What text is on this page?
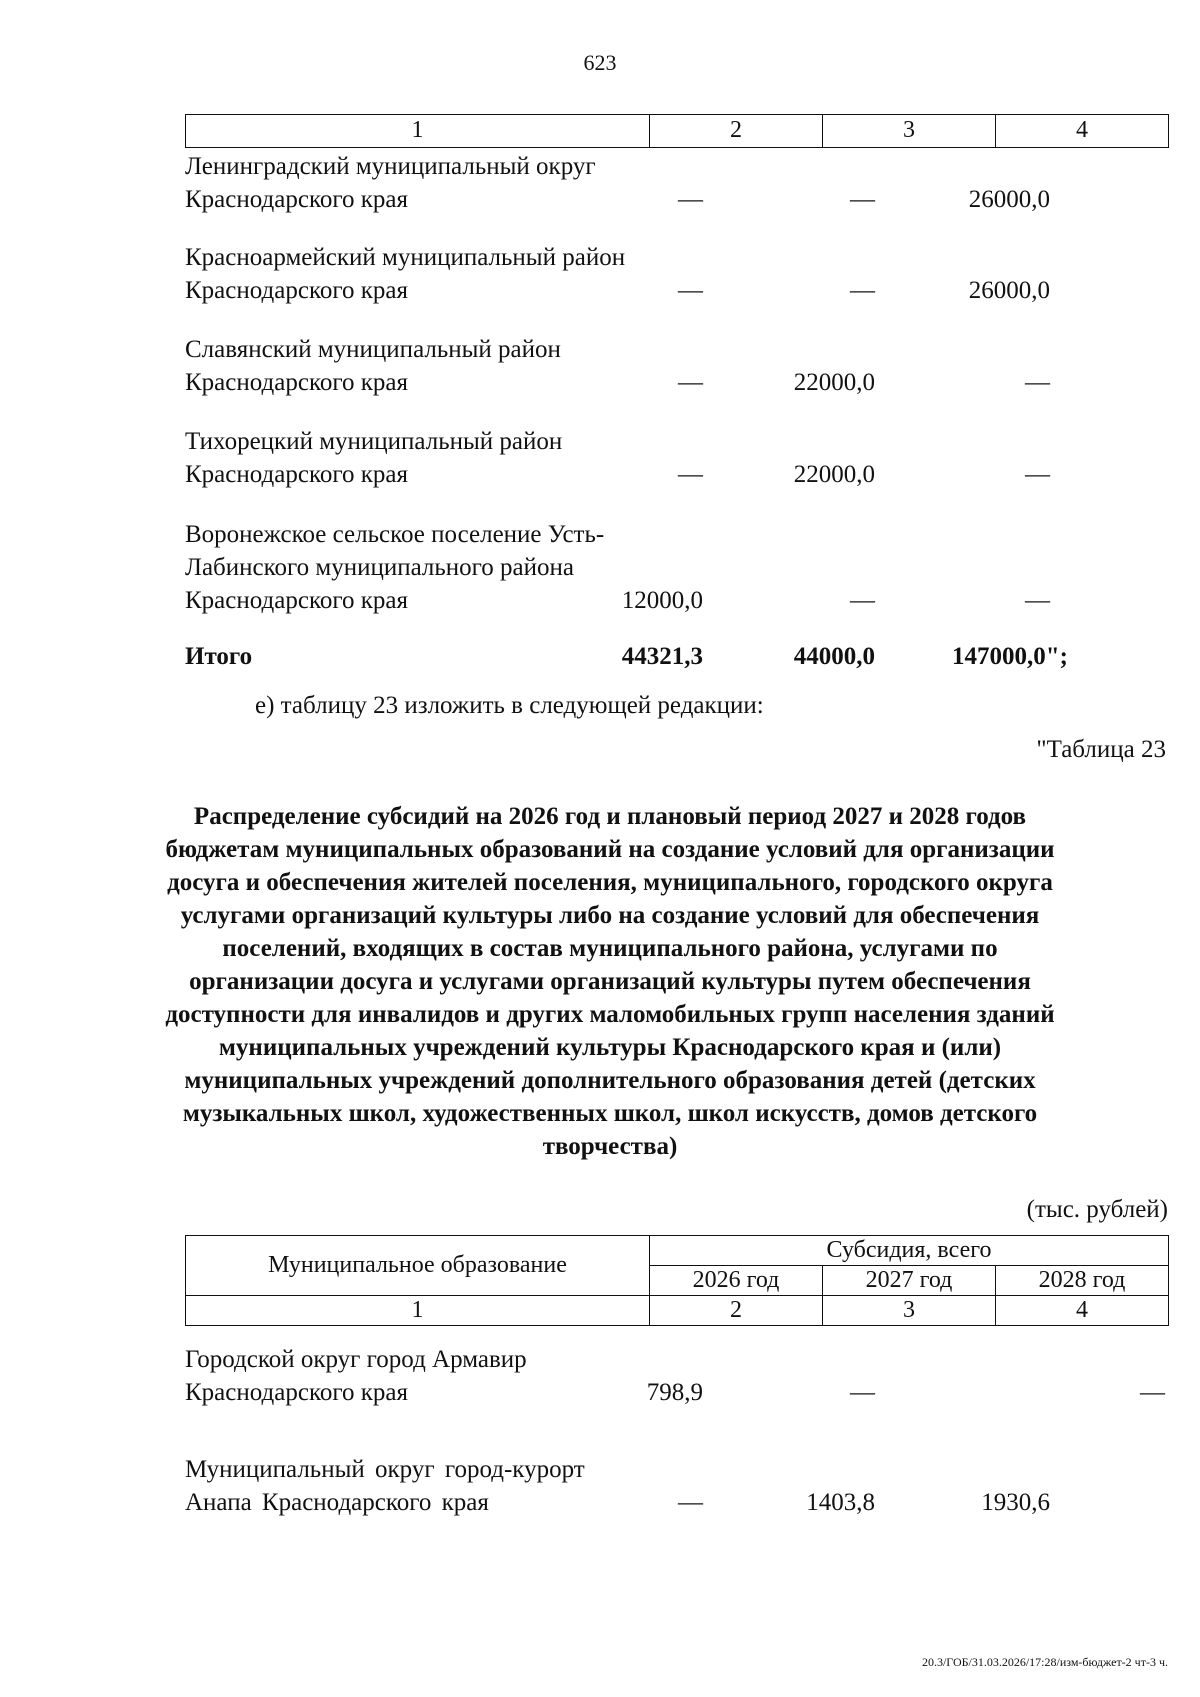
623
1	2	3	4
Ленинградский муниципальный округ Краснодарского края	—	—	26000,0
Красноармейский муниципальный район Краснодарского края	—	—	26000,0
Славянский муниципальный район Краснодарского края	—	22000,0	—
Тихорецкий муниципальный район Краснодарского края	—	22000,0	—
Воронежское сельское поселение Усть-Лабинского муниципального района Краснодарского края	12000,0	—	—
Итого	44321,3	44000,0	147000,0";
е) таблицу 23 изложить в следующей редакции:
"Таблица 23
Распределение субсидий на 2026 год и плановый период 2027 и 2028 годов бюджетам муниципальных образований на создание условий для организации досуга и обеспечения жителей поселения, муниципального, городского округа услугами организаций культуры либо на создание условий для обеспечения поселений, входящих в состав муниципального района, услугами по организации досуга и услугами организаций культуры путем обеспечения доступности для инвалидов и других маломобильных групп населения зданий муниципальных учреждений культуры Краснодарского края и (или) муниципальных учреждений дополнительного образования детей (детских музыкальных школ, художественных школ, школ искусств, домов детского творчества)
(тыс. рублей)
Муниципальное образование	Субсидия, всего		
	2026 год	2027 год	2028 год
1	2	3	4
Городской округ город Армавир Краснодарского края	798,9	—	—
Муниципальный округ город-курорт Анапа Краснодарского края	—	1403,8	1930,6
20.3/ГОБ/31.03.2026/17:28/изм-бюджет-2 чт-3 ч.
